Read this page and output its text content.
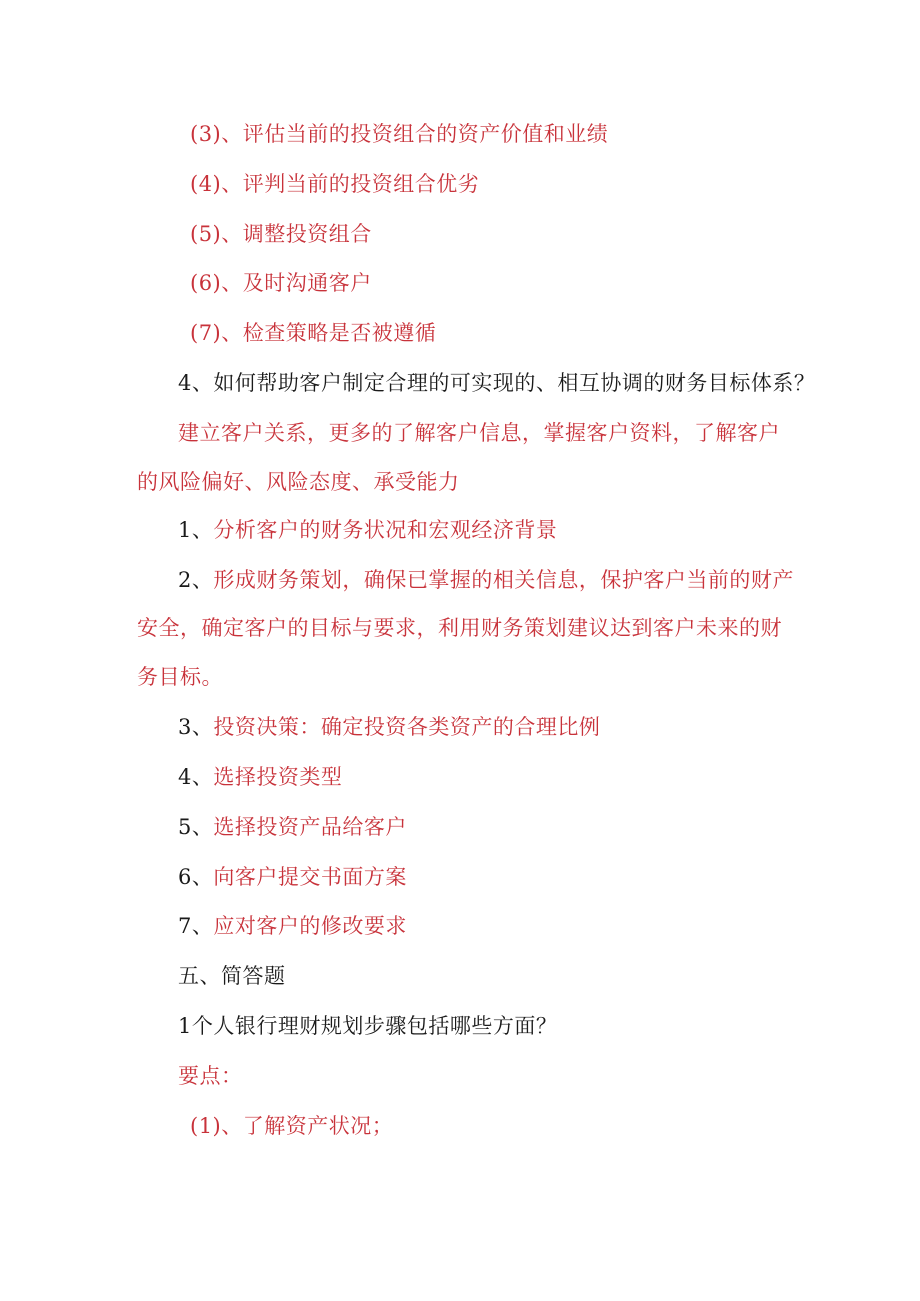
(3)、评估当前的投资组合的资产价值和业绩
(4)、评判当前的投资组合优劣
(5)、调整投资组合
(6)、及时沟通客户
(7)、检查策略是否被遵循
4、如何帮助客户制定合理的可实现的、相互协调的财务目标体系？
建立客户关系，更多的了解客户信息，掌握客户资料，了解客户
的风险偏好、风险态度、承受能力
1、分析客户的财务状况和宏观经济背景
2、形成财务策划，确保已掌握的相关信息，保护客户当前的财产
安全，确定客户的目标与要求，利用财务策划建议达到客户未来的财
务目标。
3、投资决策：确定投资各类资产的合理比例
4、选择投资类型
5、选择投资产品给客户
6、向客户提交书面方案
7、应对客户的修改要求
五、简答题
1个人银行理财规划步骤包括哪些方面？
要点：
(1)、了解资产状况；
